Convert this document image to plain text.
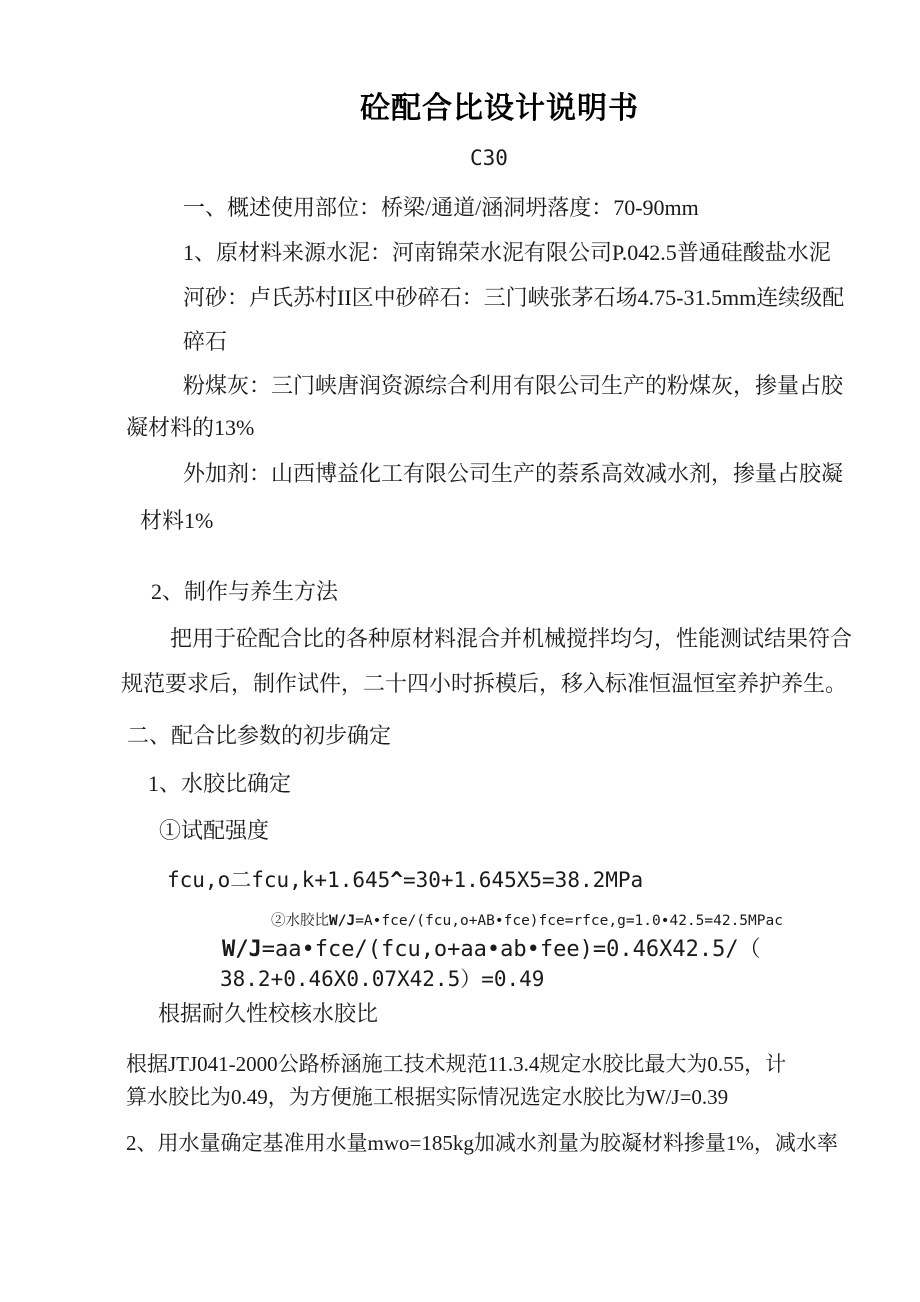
砼配合比设计说明书
C30
一、概述使用部位：桥梁/通道/涵洞坍落度：70-90mm
1、原材料来源水泥：河南锦荣水泥有限公司P.042.5普通硅酸盐水泥
河砂：卢氏苏村II区中砂碎石：三门峡张茅石场4.75-31.5mm连续级配
碎石
粉煤灰：三门峡唐润资源综合利用有限公司生产的粉煤灰，掺量占胶
凝材料的13%
外加剂：山西博益化工有限公司生产的萘系高效减水剂，掺量占胶凝
材料1%
2、制作与养生方法
把用于砼配合比的各种原材料混合并机械搅拌均匀，性能测试结果符合
规范要求后，制作试件，二十四小时拆模后，移入标准恒温恒室养护养生。
二、配合比参数的初步确定
1、水胶比确定
①试配强度
fcu,o二fcu,k+1.645^=30+1.645X5=38.2MPa
②水胶比W/J=A•fce/(fcu,o+AB•fce)fce=rfce,g=1.0•42.5=42.5MPac
W/J=aa•fce/(fcu,o+aa•ab•fee)=0.46X42.5/（
38.2+0.46X0.07X42.5）=0.49
根据耐久性校核水胶比
根据JTJ041-2000公路桥涵施工技术规范11.3.4规定水胶比最大为0.55，计
算水胶比为0.49，为方便施工根据实际情况选定水胶比为W/J=0.39
2、用水量确定基准用水量mwo=185kg加减水剂量为胶凝材料掺量1%，减水率
